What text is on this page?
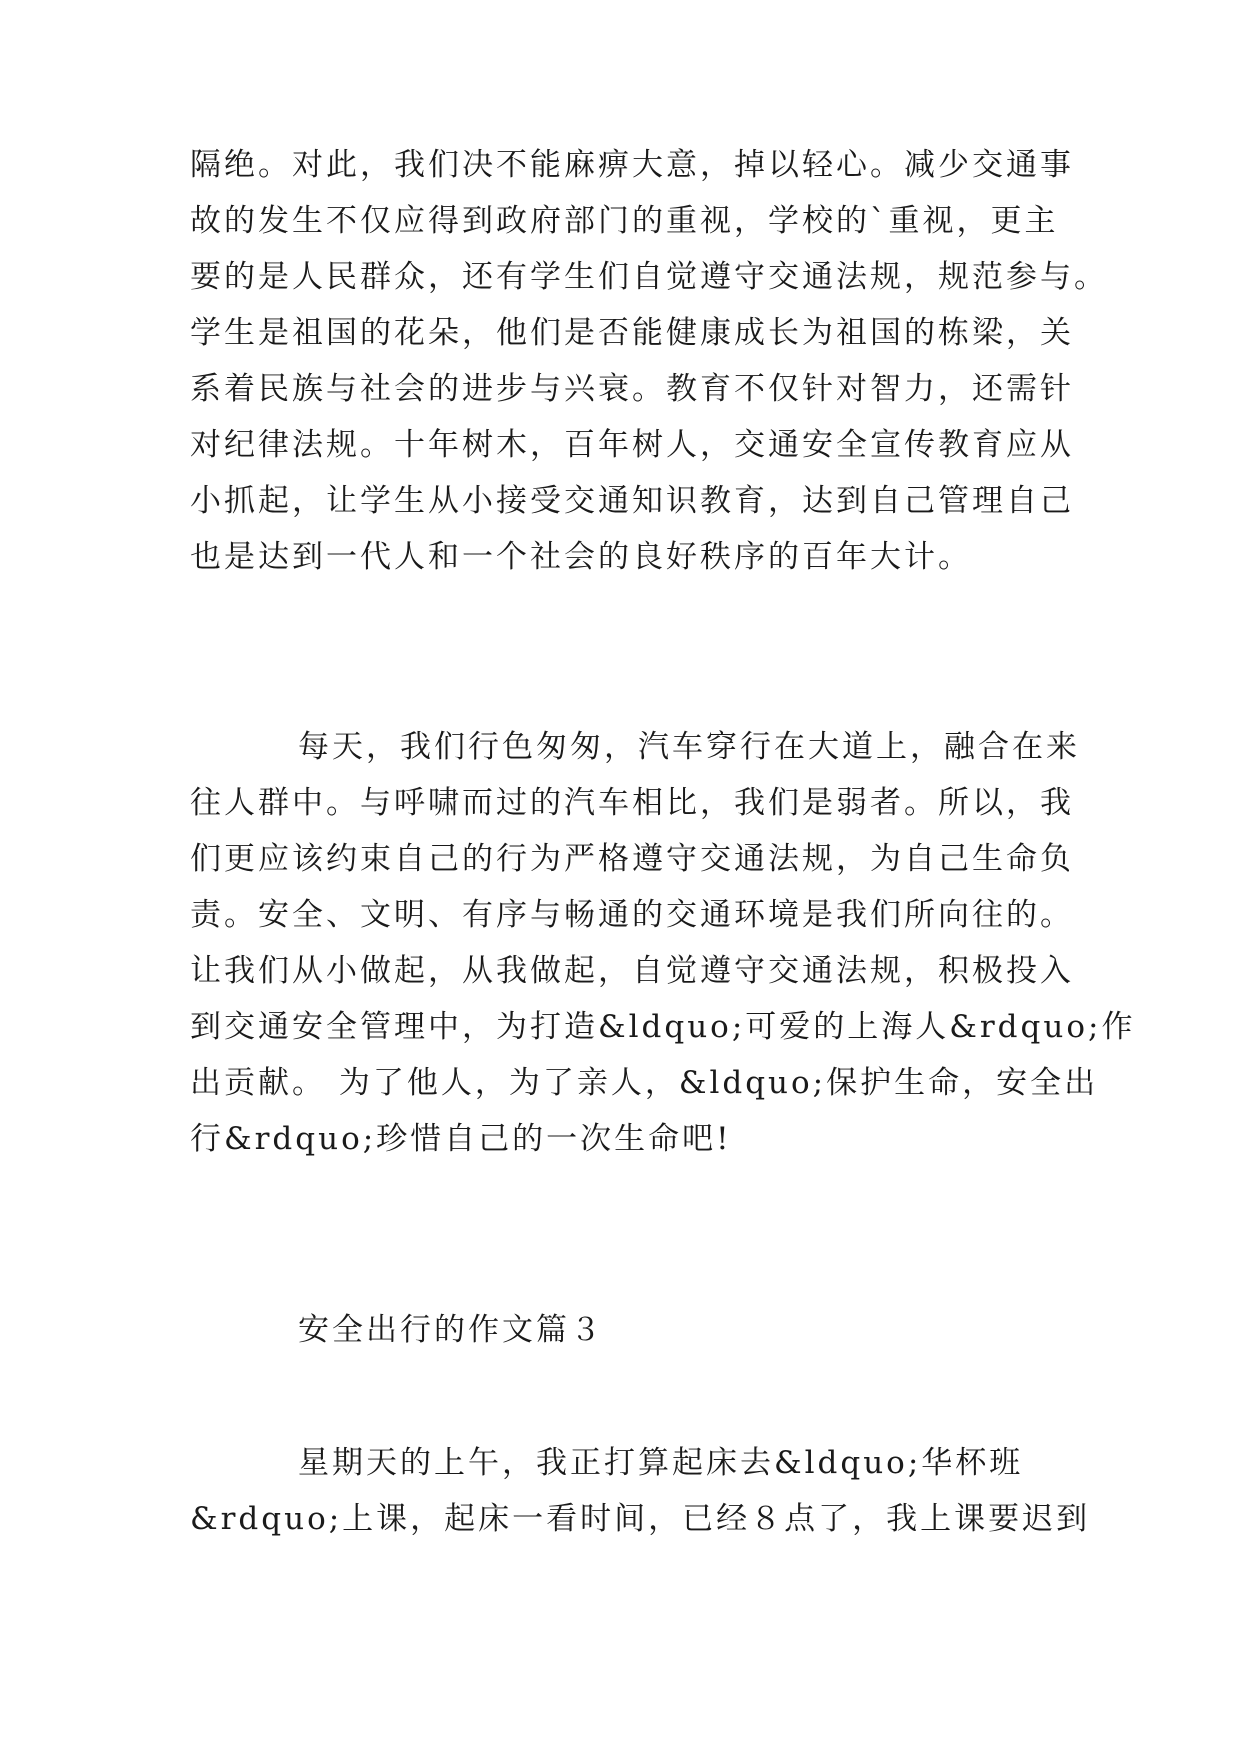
隔绝。对此，我们决不能麻痹大意，掉以轻心。减少交通事
故的发生不仅应得到政府部门的重视，学校的`重视，更主
要的是人民群众，还有学生们自觉遵守交通法规，规范参与。
学生是祖国的花朵，他们是否能健康成长为祖国的栋梁，关
系着民族与社会的进步与兴衰。教育不仅针对智力，还需针
对纪律法规。十年树木，百年树人，交通安全宣传教育应从
小抓起，让学生从小接受交通知识教育，达到自己管理自己
也是达到一代人和一个社会的良好秩序的百年大计。
每天，我们行色匆匆，汽车穿行在大道上，融合在来
往人群中。与呼啸而过的汽车相比，我们是弱者。所以，我
们更应该约束自己的行为严格遵守交通法规，为自己生命负
责。安全、文明、有序与畅通的交通环境是我们所向往的。
让我们从小做起，从我做起，自觉遵守交通法规，积极投入
到交通安全管理中，为打造&ldquo;可爱的上海人&rdquo;作
出贡献。 为了他人，为了亲人，&ldquo;保护生命，安全出
行&rdquo;珍惜自己的一次生命吧!
安全出行的作文篇３
星期天的上午，我正打算起床去&ldquo;华杯班
&rdquo;上课，起床一看时间，已经８点了，我上课要迟到
